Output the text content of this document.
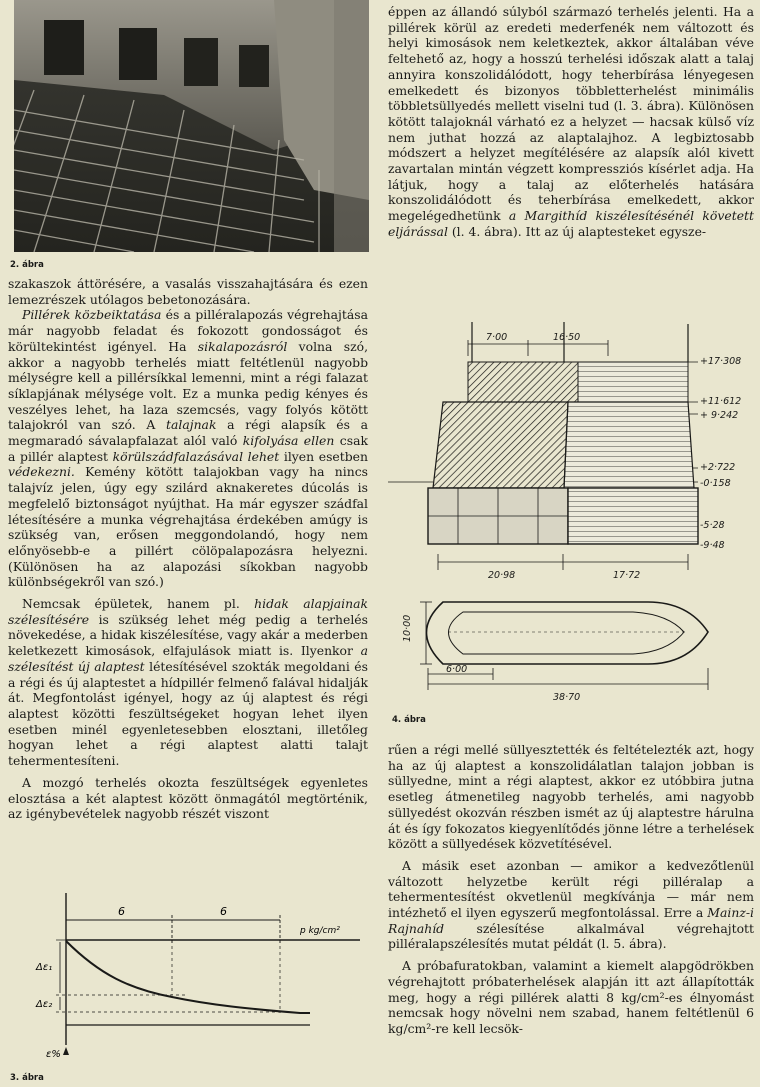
2. ábra

szakaszok áttörésére, a vasalás visszahajtására és ezen lemezrészek utólagos bebetonozására.

Pillérek közbeiktatása és a pilléralapozás végrehajtása már nagyobb feladat és fokozott gondosságot és körültekintést igényel. Ha sikalapozásról volna szó, akkor a nagyobb terhelés miatt feltétlenül nagyobb mélységre kell a pillérsíkkal lemenni, mint a régi falazat síklapjának mélysége volt. Ez a munka pedig kényes és veszélyes lehet, ha laza szemcsés, vagy folyós kötött talajokról van szó. A talajnak a régi alapsík és a megmaradó sávalapfalazat alól való kifolyása ellen csak a pillér alaptest körülszádfalazásával lehet ilyen esetben védekezni. Kemény kötött talajokban vagy ha nincs talajvíz jelen, úgy egy szilárd aknakeretes dúcolás is megfelelő biztonságot nyújthat. Ha már egyszer szádfal létesítésére a munka végrehajtása érdekében amúgy is szükség van, erősen meggondolandó, hogy nem előnyösebb-e a pillért cölöpalapozásra helyezni. (Különösen ha az alapozási síkokban nagyobb különbségekről van szó.)

Nemcsak épületek, hanem pl. hidak alapjainak szélesítésére is szükség lehet még pedig a terhelés növekedése, a hidak kiszélesítése, vagy akár a mederben keletkezett kimosások, elfajulások miatt is. Ilyenkor a szélesítést új alaptest létesítésével szokták megoldani és a régi és új alaptestet a hídpillér felmenő falával hidalják át. Megfontolást igényel, hogy az új alaptest és régi alaptest közötti feszültségeket hogyan lehet ilyen esetben minél egyenletesebben elosztani, illetőleg hogyan lehet a régi alaptest alatti talajt tehermentesíteni.

A mozgó terhelés okozta feszültségek egyenletes elosztása a két alaptest között önmagától megtörténik, az igénybevételek nagyobb részét viszont

6	6
p kg/cm²
Δε₁
Δε₂
ε%
3. ábra

éppen az állandó súlyból származó terhelés jelenti. Ha a pillérek körül az eredeti mederfenék nem változott és helyi kimosások nem keletkeztek, akkor általában véve feltehető az, hogy a hosszú terhelési időszak alatt a talaj annyira konszolidálódott, hogy teherbírása lényegesen emelkedett és bizonyos többletterhelést minimális többletsüllyedés mellett viselni tud (l. 3. ábra). Különösen kötött talajoknál várható ez a helyzet — hacsak külső víz nem juthat hozzá az alaptalajhoz. A legbiztosabb módszert a helyzet megítélésére az alapsík alól kivett zavartalan mintán végzett kompressziós kísérlet adja. Ha látjuk, hogy a talaj az előterhelés hatására konszolidálódott és teherbírása emelkedett, akkor megelégedhetünk a Margithíd kiszélesítésénél követett eljárással (l. 4. ábra). Itt az új alaptesteket egysze-

7·00	16·50
+17·308
+11·612
+ 9·242
+2·722
-0·158
-5·28
-9·48
20·98	17·72
10·00
6·00
38·70
4. ábra

rűen a régi mellé süllyesztették és feltételezték azt, hogy ha az új alaptest a konszolidálatlan talajon jobban is süllyedne, mint a régi alaptest, akkor ez utóbbira jutna esetleg átmenetileg nagyobb terhelés, ami nagyobb süllyedést okozván részben ismét az új alaptestre hárulna át és így fokozatos kiegyenlítődés jönne létre a terhelések között a süllyedések közvetítésével.

A másik eset azonban — amikor a kedvezőtlenül változott helyzetbe került régi pilléralap a tehermentesítést okvetlenül megkívánja — már nem intézhető el ilyen egyszerű megfontolással. Erre a Mainz-i Rajnahíd szélesítése alkalmával végrehajtott pilléralapszélesítés mutat példát (l. 5. ábra).

A próbafuratokban, valamint a kiemelt alapgödrökben végrehajtott próbaterhelések alapján itt azt állapították meg, hogy a régi pillérek alatti 8 kg/cm²-es élnyomást nemcsak hogy növelni nem szabad, hanem feltétlenül 6 kg/cm²-re kell lecsök-
